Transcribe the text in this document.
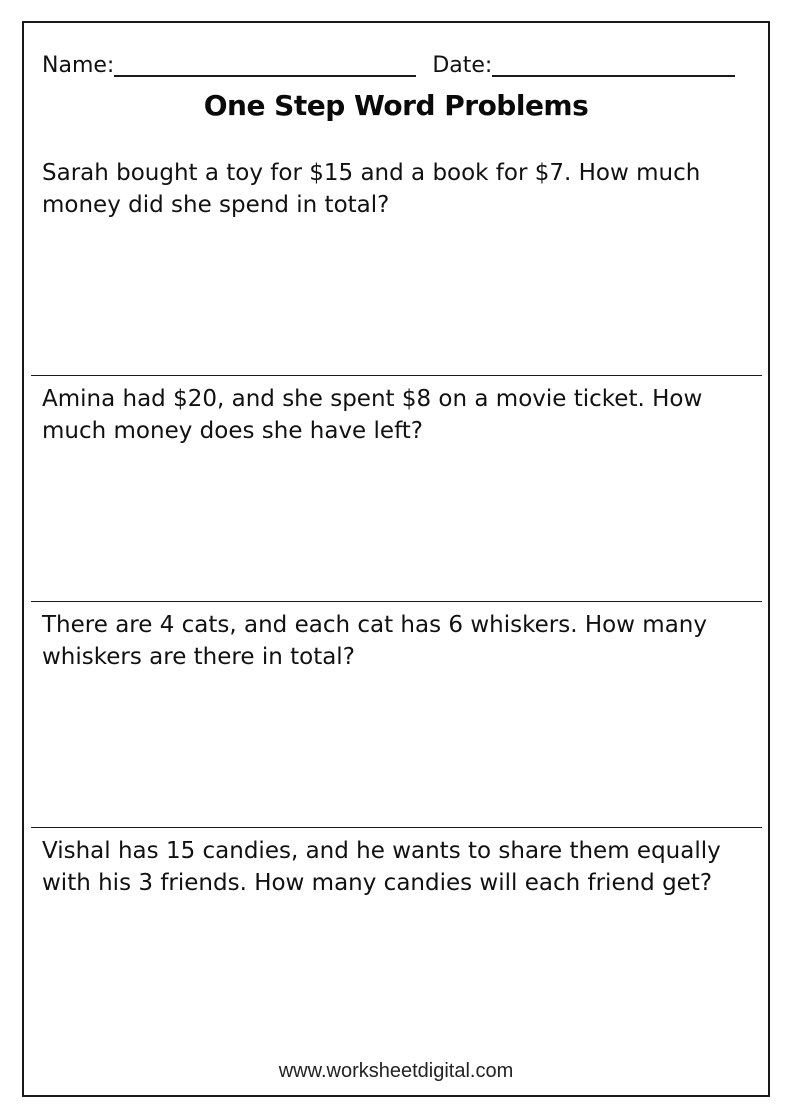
Name:	Date:
One Step Word Problems

Sarah bought a toy for $15 and a book for $7. How much money did she spend in total?

Amina had $20, and she spent $8 on a movie ticket. How much money does she have left?

There are 4 cats, and each cat has 6 whiskers. How many whiskers are there in total?

Vishal has 15 candies, and he wants to share them equally with his 3 friends. How many candies will each friend get?

www.worksheetdigital.com
